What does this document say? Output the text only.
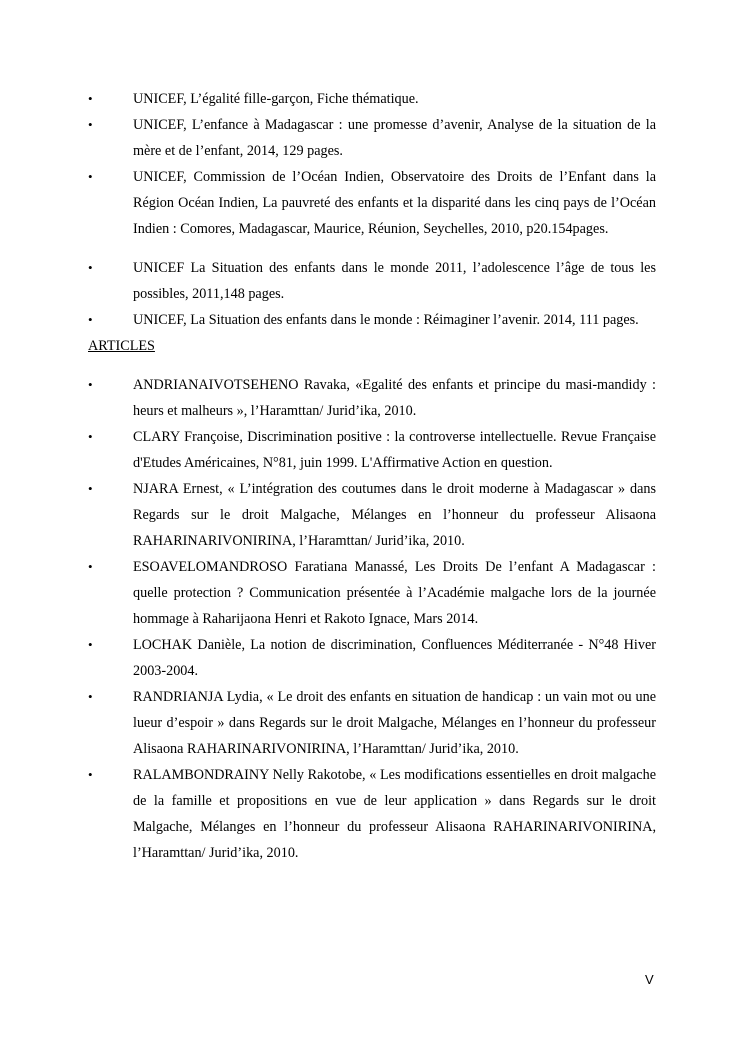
•
UNICEF, L’égalité fille-garçon, Fiche thématique.
•
UNICEF, L’enfance à Madagascar : une promesse d’avenir, Analyse de la situation de la mère et de l’enfant, 2014, 129 pages.
•
UNICEF, Commission de l’Océan Indien, Observatoire des Droits de l’Enfant dans la Région Océan Indien, La pauvreté des enfants et la disparité dans les cinq pays de l’Océan Indien : Comores, Madagascar, Maurice, Réunion, Seychelles, 2010, p20.154pages.
•
UNICEF La Situation des enfants dans le monde 2011, l’adolescence l’âge de tous les possibles, 2011,148 pages.
•
UNICEF, La Situation des enfants dans le monde : Réimaginer l’avenir. 2014, 111 pages.
ARTICLES
•
ANDRIANAIVOTSEHENO Ravaka, «Egalité des enfants et principe du masi-mandidy : heurs et malheurs », l’Haramttan/ Jurid’ika, 2010.
•
CLARY Françoise, Discrimination positive : la controverse intellectuelle. Revue Française d'Etudes Américaines, N°81, juin 1999. L'Affirmative Action en question.
•
NJARA Ernest, « L’intégration des coutumes dans le droit moderne à Madagascar » dans Regards sur le droit Malgache, Mélanges en l’honneur du professeur Alisaona RAHARINARIVONIRINA, l’Haramttan/ Jurid’ika, 2010.
•
ESOAVELOMANDROSO Faratiana Manassé, Les Droits De l’enfant A Madagascar : quelle protection ? Communication présentée à l’Académie malgache lors de la journée hommage à Raharijaona Henri et Rakoto Ignace, Mars 2014.
•
LOCHAK Danièle, La notion de discrimination, Confluences Méditerranée - N°48 Hiver 2003-2004.
•
RANDRIANJA Lydia, « Le droit des enfants en situation de handicap : un vain mot ou une lueur d’espoir » dans Regards sur le droit Malgache, Mélanges en l’honneur du professeur Alisaona RAHARINARIVONIRINA, l’Haramttan/ Jurid’ika, 2010.
•
RALAMBONDRAINY Nelly Rakotobe, « Les modifications essentielles en droit malgache de la famille et propositions en vue de leur application » dans Regards sur le droit Malgache, Mélanges en l’honneur du professeur Alisaona RAHARINARIVONIRINA, l’Haramttan/ Jurid’ika, 2010.
V
